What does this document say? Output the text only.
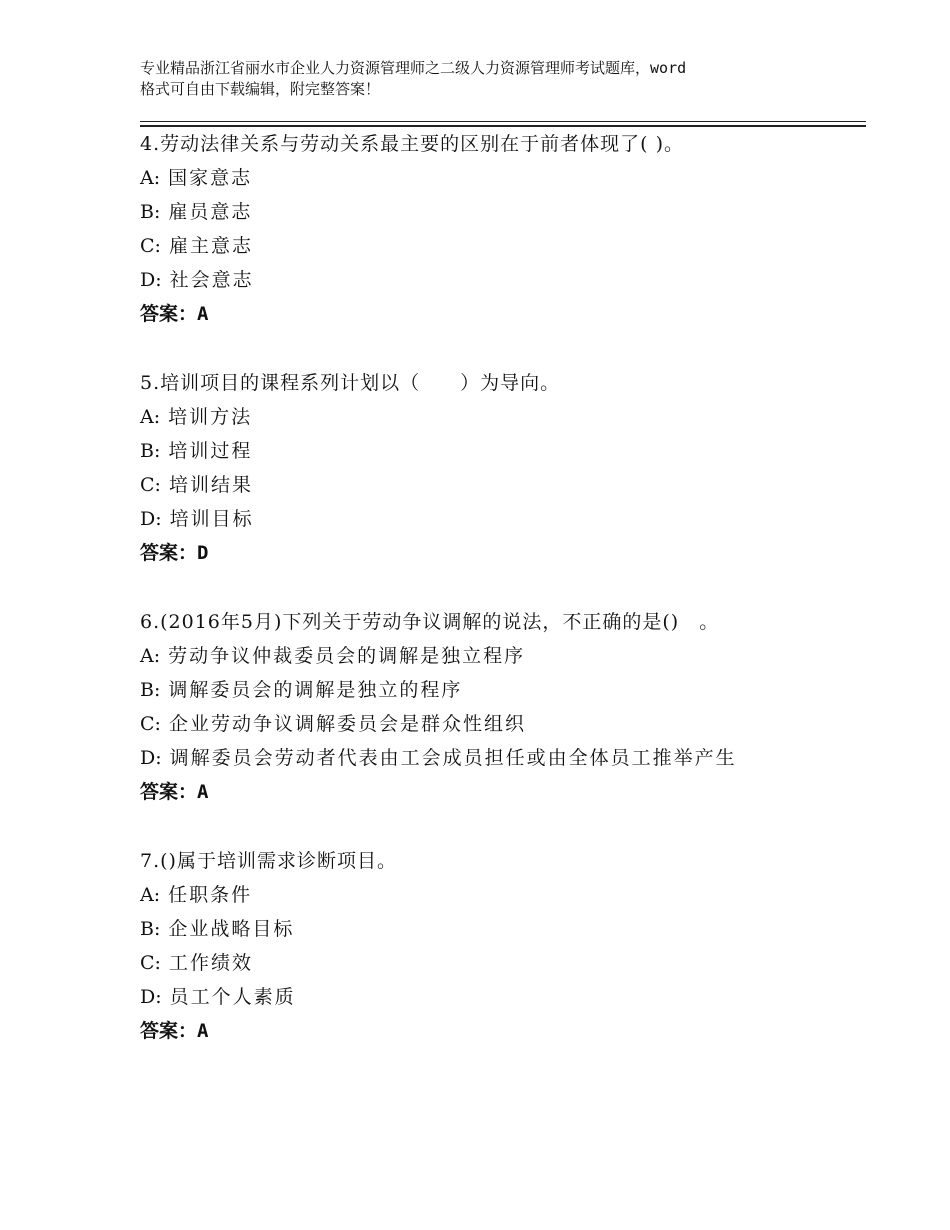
专业精品浙江省丽水市企业人力资源管理师之二级人力资源管理师考试题库，word
格式可自由下载编辑，附完整答案！
4.劳动法律关系与劳动关系最主要的区别在于前者体现了( )。
A: 国家意志
B: 雇员意志
C: 雇主意志
D: 社会意志
答案：A
5.培训项目的课程系列计划以（　　）为导向。
A: 培训方法
B: 培训过程
C: 培训结果
D: 培训目标
答案：D
6.(2016年5月)下列关于劳动争议调解的说法，不正确的是()　。
A: 劳动争议仲裁委员会的调解是独立程序
B: 调解委员会的调解是独立的程序
C: 企业劳动争议调解委员会是群众性组织
D: 调解委员会劳动者代表由工会成员担任或由全体员工推举产生
答案：A
7.()属于培训需求诊断项目。
A: 任职条件
B: 企业战略目标
C: 工作绩效
D: 员工个人素质
答案：A
